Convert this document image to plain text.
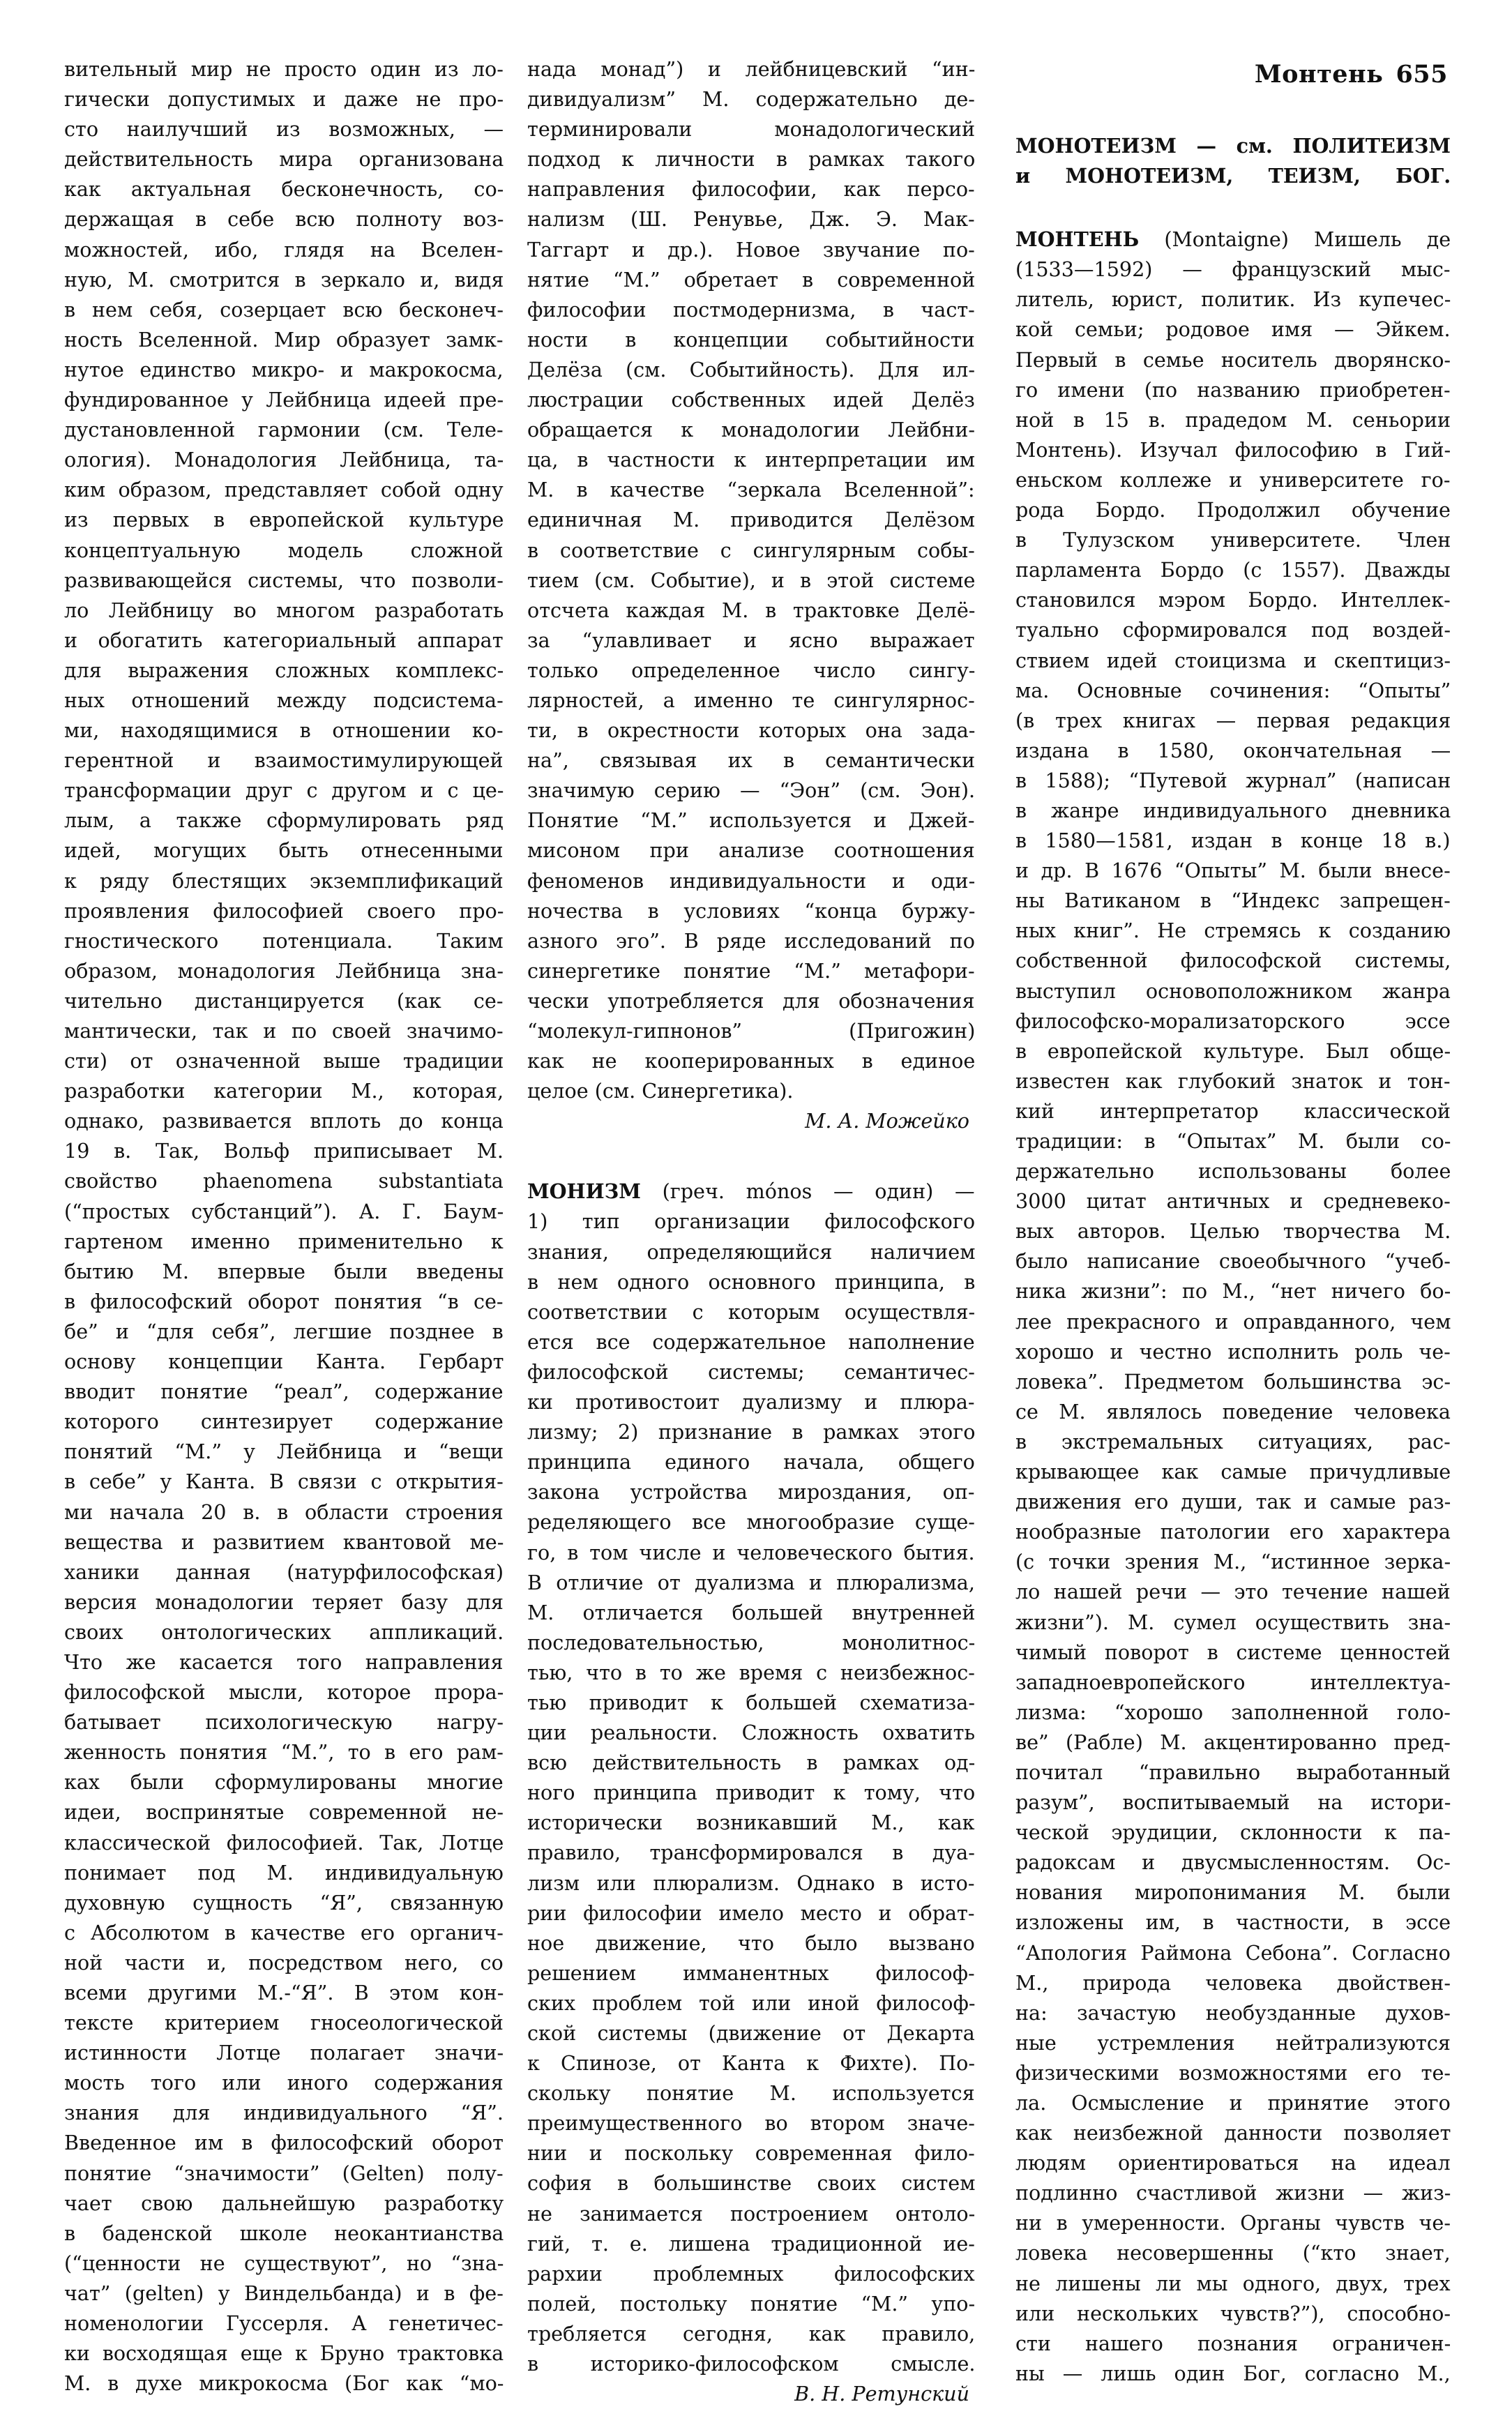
Монтень 655

вительный мир не просто один из ло-
гически допустимых и даже не про-
сто наилучший из возможных, —
действительность мира организована
как актуальная бесконечность, со-
держащая в себе всю полноту воз-
можностей, ибо, глядя на Вселен-
ную, М. смотрится в зеркало и, видя
в нем себя, созерцает всю бесконеч-
ность Вселенной. Мир образует замк-
нутое единство микро- и макрокосма,
фундированное у Лейбница идеей пре-
дустановленной гармонии (см. Теле-
ология). Монадология Лейбница, та-
ким образом, представляет собой одну
из первых в европейской культуре
концептуальную модель сложной
развивающейся системы, что позволи-
ло Лейбницу во многом разработать
и обогатить категориальный аппарат
для выражения сложных комплекс-
ных отношений между подсистема-
ми, находящимися в отношении ко-
герентной и взаимостимулирующей
трансформации друг с другом и с це-
лым, а также сформулировать ряд
идей, могущих быть отнесенными
к ряду блестящих экземплификаций
проявления философией своего про-
гностического потенциала. Таким
образом, монадология Лейбница зна-
чительно дистанцируется (как се-
мантически, так и по своей значимо-
сти) от означенной выше традиции
разработки категории М., которая,
однако, развивается вплоть до конца
19 в. Так, Вольф приписывает М.
свойство phaenomena substantiata
(“простых субстанций”). А. Г. Баум-
гартеном именно применительно к
бытию М. впервые были введены
в философский оборот понятия “в се-
бе” и “для себя”, легшие позднее в
основу концепции Канта. Гербарт
вводит понятие “реал”, содержание
которого синтезирует содержание
понятий “М.” у Лейбница и “вещи
в себе” у Канта. В связи с открытия-
ми начала 20 в. в области строения
вещества и развитием квантовой ме-
ханики данная (натурфилософская)
версия монадологии теряет базу для
своих онтологических аппликаций.
Что же касается того направления
философской мысли, которое прора-
батывает психологическую нагру-
женность понятия “М.”, то в его рам-
ках были сформулированы многие
идеи, воспринятые современной не-
классической философией. Так, Лотце
понимает под М. индивидуальную
духовную сущность “Я”, связанную
с Абсолютом в качестве его органич-
ной части и, посредством него, со
всеми другими М.-“Я”. В этом кон-
тексте критерием гносеологической
истинности Лотце полагает значи-
мость того или иного содержания
знания для индивидуального “Я”.
Введенное им в философский оборот
понятие “значимости” (Gelten) полу-
чает свою дальнейшую разработку
в баденской школе неокантианства
(“ценности не существуют”, но “зна-
чат” (gelten) у Виндельбанда) и в фе-
номенологии Гуссерля. А генетичес-
ки восходящая еще к Бруно трактовка
М. в духе микрокосма (Бог как “мо-

нада монад”) и лейбницевский “ин-
дивидуализм” М. содержательно де-
терминировали монадологический
подход к личности в рамках такого
направления философии, как персо-
нализм (Ш. Ренувье, Дж. Э. Мак-
Таггарт и др.). Новое звучание по-
нятие “М.” обретает в современной
философии постмодернизма, в част-
ности в концепции событийности
Делёза (см. Событийность). Для ил-
люстрации собственных идей Делёз
обращается к монадологии Лейбни-
ца, в частности к интерпретации им
М. в качестве “зеркала Вселенной”:
единичная М. приводится Делёзом
в соответствие с сингулярным собы-
тием (см. Событие), и в этой системе
отсчета каждая М. в трактовке Делё-
за “улавливает и ясно выражает
только определенное число сингу-
лярностей, а именно те сингулярнос-
ти, в окрестности которых она зада-
на”, связывая их в семантически
значимую серию — “Эон” (см. Эон).
Понятие “М.” используется и Джей-
мисоном при анализе соотношения
феноменов индивидуальности и оди-
ночества в условиях “конца буржу-
азного эго”. В ряде исследований по
синергетике понятие “М.” метафори-
чески употребляется для обозначения
“молекул-гипнонов” (Пригожин)
как не кооперированных в единое
целое (см. Синергетика).

М. А. Можейко

МОНИЗМ (греч. mónos — один) —
1) тип организации философского
знания, определяющийся наличием
в нем одного основного принципа, в
соответствии с которым осуществля-
ется все содержательное наполнение
философской системы; семантичес-
ки противостоит дуализму и плюра-
лизму; 2) признание в рамках этого
принципа единого начала, общего
закона устройства мироздания, оп-
ределяющего все многообразие суще-
го, в том числе и человеческого бытия.
В отличие от дуализма и плюрализма,
М. отличается большей внутренней
последовательностью, монолитнос-
тью, что в то же время с неизбежнос-
тью приводит к большей схематиза-
ции реальности. Сложность охватить
всю действительность в рамках од-
ного принципа приводит к тому, что
исторически возникавший М., как
правило, трансформировался в дуа-
лизм или плюрализм. Однако в исто-
рии философии имело место и обрат-
ное движение, что было вызвано
решением имманентных философ-
ских проблем той или иной философ-
ской системы (движение от Декарта
к Спинозе, от Канта к Фихте). По-
скольку понятие М. используется
преимущественного во втором значе-
нии и поскольку современная фило-
софия в большинстве своих систем
не занимается построением онтоло-
гий, т. е. лишена традиционной ие-
рархии проблемных философских
полей, постольку понятие “М.” упо-
требляется сегодня, как правило,
в историко-философском смысле.

В. Н. Ретунский

МОНОТЕИЗМ — см. ПОЛИТЕИЗМ
и МОНОТЕИЗМ, ТЕИЗМ, БОГ.

МОНТЕНЬ (Montaigne) Мишель де
(1533—1592) — французский мыс-
литель, юрист, политик. Из купечес-
кой семьи; родовое имя — Эйкем.
Первый в семье носитель дворянско-
го имени (по названию приобретен-
ной в 15 в. прадедом М. сеньории
Монтень). Изучал философию в Гий-
еньском коллеже и университете го-
рода Бордо. Продолжил обучение
в Тулузском университете. Член
парламента Бордо (с 1557). Дважды
становился мэром Бордо. Интеллек-
туально сформировался под воздей-
ствием идей стоицизма и скептициз-
ма. Основные сочинения: “Опыты”
(в трех книгах — первая редакция
издана в 1580, окончательная —
в 1588); “Путевой журнал” (написан
в жанре индивидуального дневника
в 1580—1581, издан в конце 18 в.)
и др. В 1676 “Опыты” М. были внесе-
ны Ватиканом в “Индекс запрещен-
ных книг”. Не стремясь к созданию
собственной философской системы,
выступил основоположником жанра
философско-морализаторского эссе
в европейской культуре. Был обще-
известен как глубокий знаток и тон-
кий интерпретатор классической
традиции: в “Опытах” М. были со-
держательно использованы более
3000 цитат античных и средневеко-
вых авторов. Целью творчества М.
было написание своеобычного “учеб-
ника жизни”: по М., “нет ничего бо-
лее прекрасного и оправданного, чем
хорошо и честно исполнить роль че-
ловека”. Предметом большинства эс-
се М. являлось поведение человека
в экстремальных ситуациях, рас-
крывающее как самые причудливые
движения его души, так и самые раз-
нообразные патологии его характера
(с точки зрения М., “истинное зерка-
ло нашей речи — это течение нашей
жизни”). М. сумел осуществить зна-
чимый поворот в системе ценностей
западноевропейского интеллектуа-
лизма: “хорошо заполненной голо-
ве” (Рабле) М. акцентированно пред-
почитал “правильно выработанный
разум”, воспитываемый на истори-
ческой эрудиции, склонности к па-
радоксам и двусмысленностям. Ос-
нования миропонимания М. были
изложены им, в частности, в эссе
“Апология Раймона Себона”. Согласно
М., природа человека двойствен-
на: зачастую необузданные духов-
ные устремления нейтрализуются
физическими возможностями его те-
ла. Осмысление и принятие этого
как неизбежной данности позволяет
людям ориентироваться на идеал
подлинно счастливой жизни — жиз-
ни в умеренности. Органы чувств че-
ловека несовершенны (“кто знает,
не лишены ли мы одного, двух, трех
или нескольких чувств?”), способно-
сти нашего познания ограничен-
ны — лишь один Бог, согласно М.,
